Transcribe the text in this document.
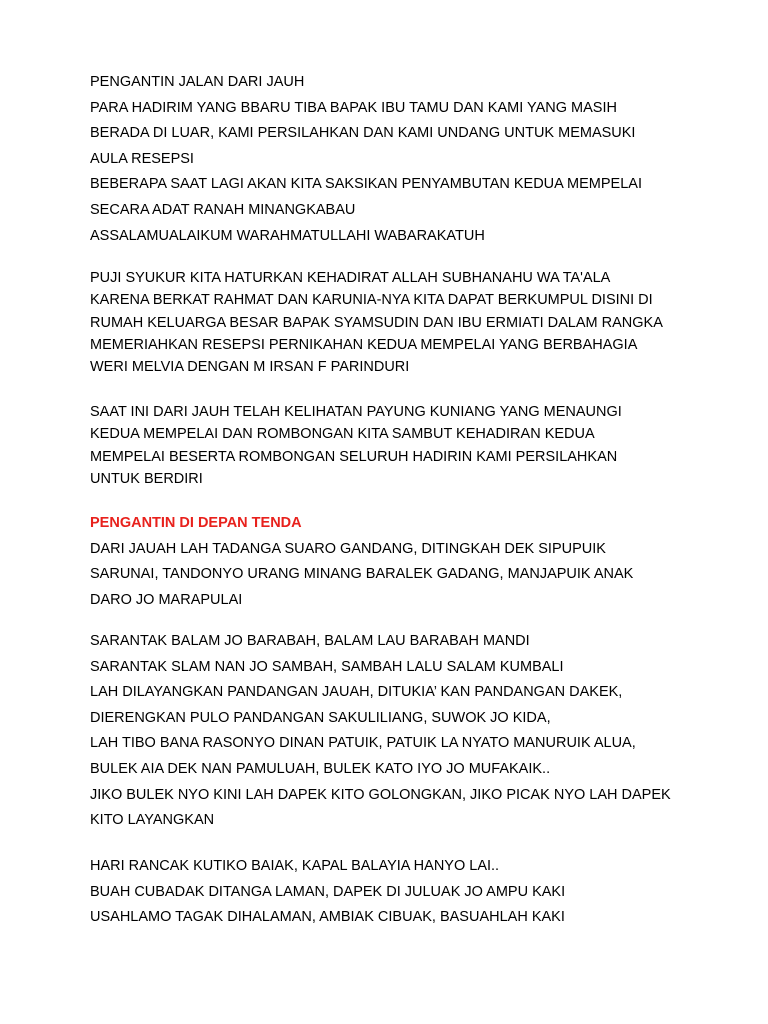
PENGANTIN JALAN DARI JAUH
PARA HADIRIM YANG BBARU TIBA BAPAK IBU TAMU DAN KAMI YANG MASIH
BERADA DI LUAR, KAMI PERSILAHKAN DAN KAMI UNDANG UNTUK MEMASUKI
AULA RESEPSI
BEBERAPA SAAT LAGI AKAN KITA SAKSIKAN PENYAMBUTAN KEDUA MEMPELAI
SECARA ADAT RANAH MINANGKABAU
ASSALAMUALAIKUM WARAHMATULLAHI WABARAKATUH
PUJI SYUKUR KITA HATURKAN KEHADIRAT ALLAH SUBHANAHU WA TA'ALA
KARENA BERKAT RAHMAT DAN KARUNIA-NYA KITA DAPAT BERKUMPUL DISINI DI
RUMAH KELUARGA BESAR BAPAK SYAMSUDIN DAN IBU ERMIATI DALAM RANGKA
MEMERIAHKAN RESEPSI PERNIKAHAN KEDUA MEMPELAI YANG BERBAHAGIA
WERI MELVIA DENGAN M IRSAN F PARINDURI
SAAT INI DARI JAUH TELAH KELIHATAN PAYUNG KUNIANG YANG MENAUNGI
KEDUA MEMPELAI DAN ROMBONGAN KITA SAMBUT KEHADIRAN KEDUA
MEMPELAI BESERTA ROMBONGAN SELURUH HADIRIN KAMI PERSILAHKAN
UNTUK BERDIRI
PENGANTIN DI DEPAN TENDA
DARI JAUAH LAH TADANGA SUARO GANDANG, DITINGKAH DEK SIPUPUIK
SARUNAI, TANDONYO URANG MINANG BARALEK GADANG, MANJAPUIK ANAK
DARO JO MARAPULAI
SARANTAK BALAM JO BARABAH, BALAM LAU BARABAH MANDI
SARANTAK SLAM NAN JO SAMBAH, SAMBAH LALU SALAM KUMBALI
LAH DILAYANGKAN PANDANGAN JAUAH, DITUKIA’ KAN PANDANGAN DAKEK,
DIERENGKAN PULO PANDANGAN SAKULILIANG, SUWOK JO KIDA,
LAH TIBO BANA RASONYO DINAN PATUIK, PATUIK LA NYATO MANURUIK ALUA,
BULEK AIA DEK NAN PAMULUAH, BULEK KATO IYO JO MUFAKAIK..
JIKO BULEK NYO KINI LAH DAPEK KITO GOLONGKAN, JIKO PICAK NYO LAH DAPEK
KITO LAYANGKAN
HARI RANCAK KUTIKO BAIAK, KAPAL BALAYIA HANYO LAI..
BUAH CUBADAK DITANGA LAMAN, DAPEK DI JULUAK JO AMPU KAKI
USAHLAMO TAGAK DIHALAMAN, AMBIAK CIBUAK, BASUAHLAH KAKI
